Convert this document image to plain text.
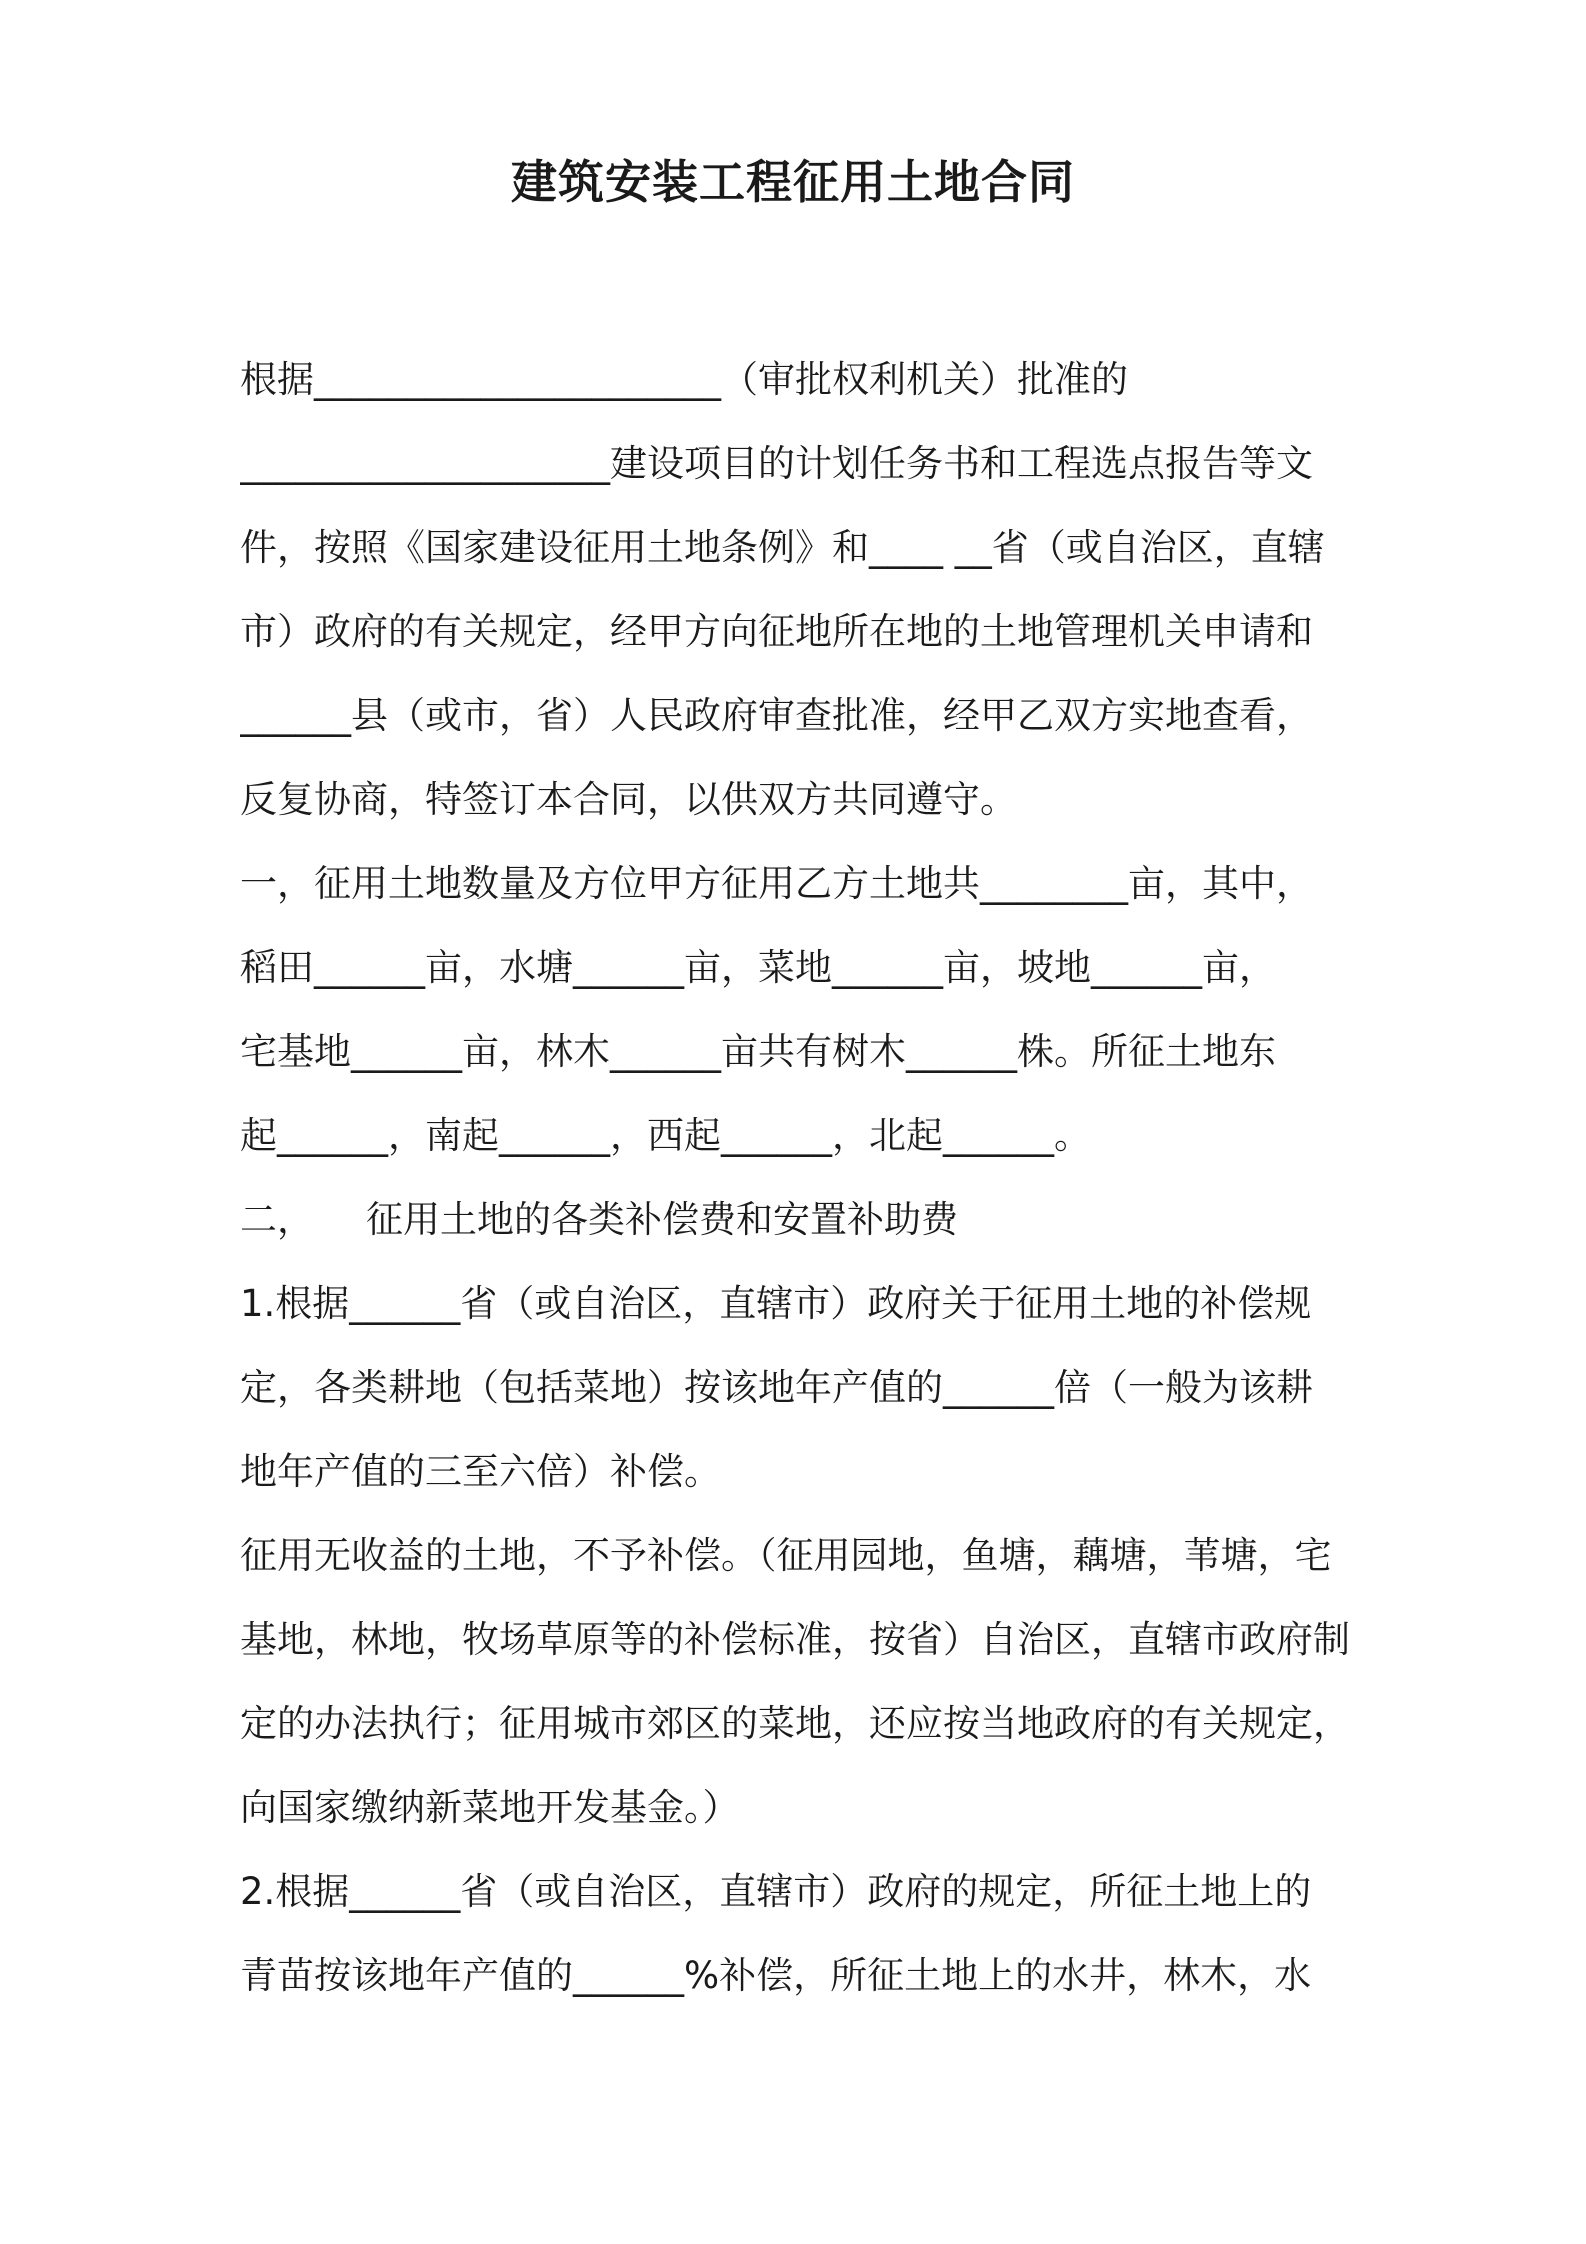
建筑安装工程征用土地合同
根据______________________（审批权利机关）批准的
____________________建设项目的计划任务书和工程选点报告等文
件，按照《国家建设征用土地条例》和____ __省（或自治区，直辖
市）政府的有关规定，经甲方向征地所在地的土地管理机关申请和
______县（或市，省）人民政府审查批准，经甲乙双方实地查看，
反复协商，特签订本合同，以供双方共同遵守。
一，征用土地数量及方位甲方征用乙方土地共________亩，其中，
稻田______亩，水塘______亩，菜地______亩，坡地______亩，
宅基地______亩，林木______亩共有树木______株。所征土地东
起______，南起______，西起______，北起______。
二， 征用土地的各类补偿费和安置补助费
1.根据______省（或自治区，直辖市）政府关于征用土地的补偿规
定，各类耕地（包括菜地）按该地年产值的______倍（一般为该耕
地年产值的三至六倍）补偿。
征用无收益的土地，不予补偿。（征用园地，鱼塘，藕塘，苇塘，宅
基地，林地，牧场草原等的补偿标准，按省）自治区，直辖市政府制
定的办法执行；征用城市郊区的菜地，还应按当地政府的有关规定，
向国家缴纳新菜地开发基金。）
2.根据______省（或自治区，直辖市）政府的规定，所征土地上的
青苗按该地年产值的______%补偿，所征土地上的水井，林木，水
